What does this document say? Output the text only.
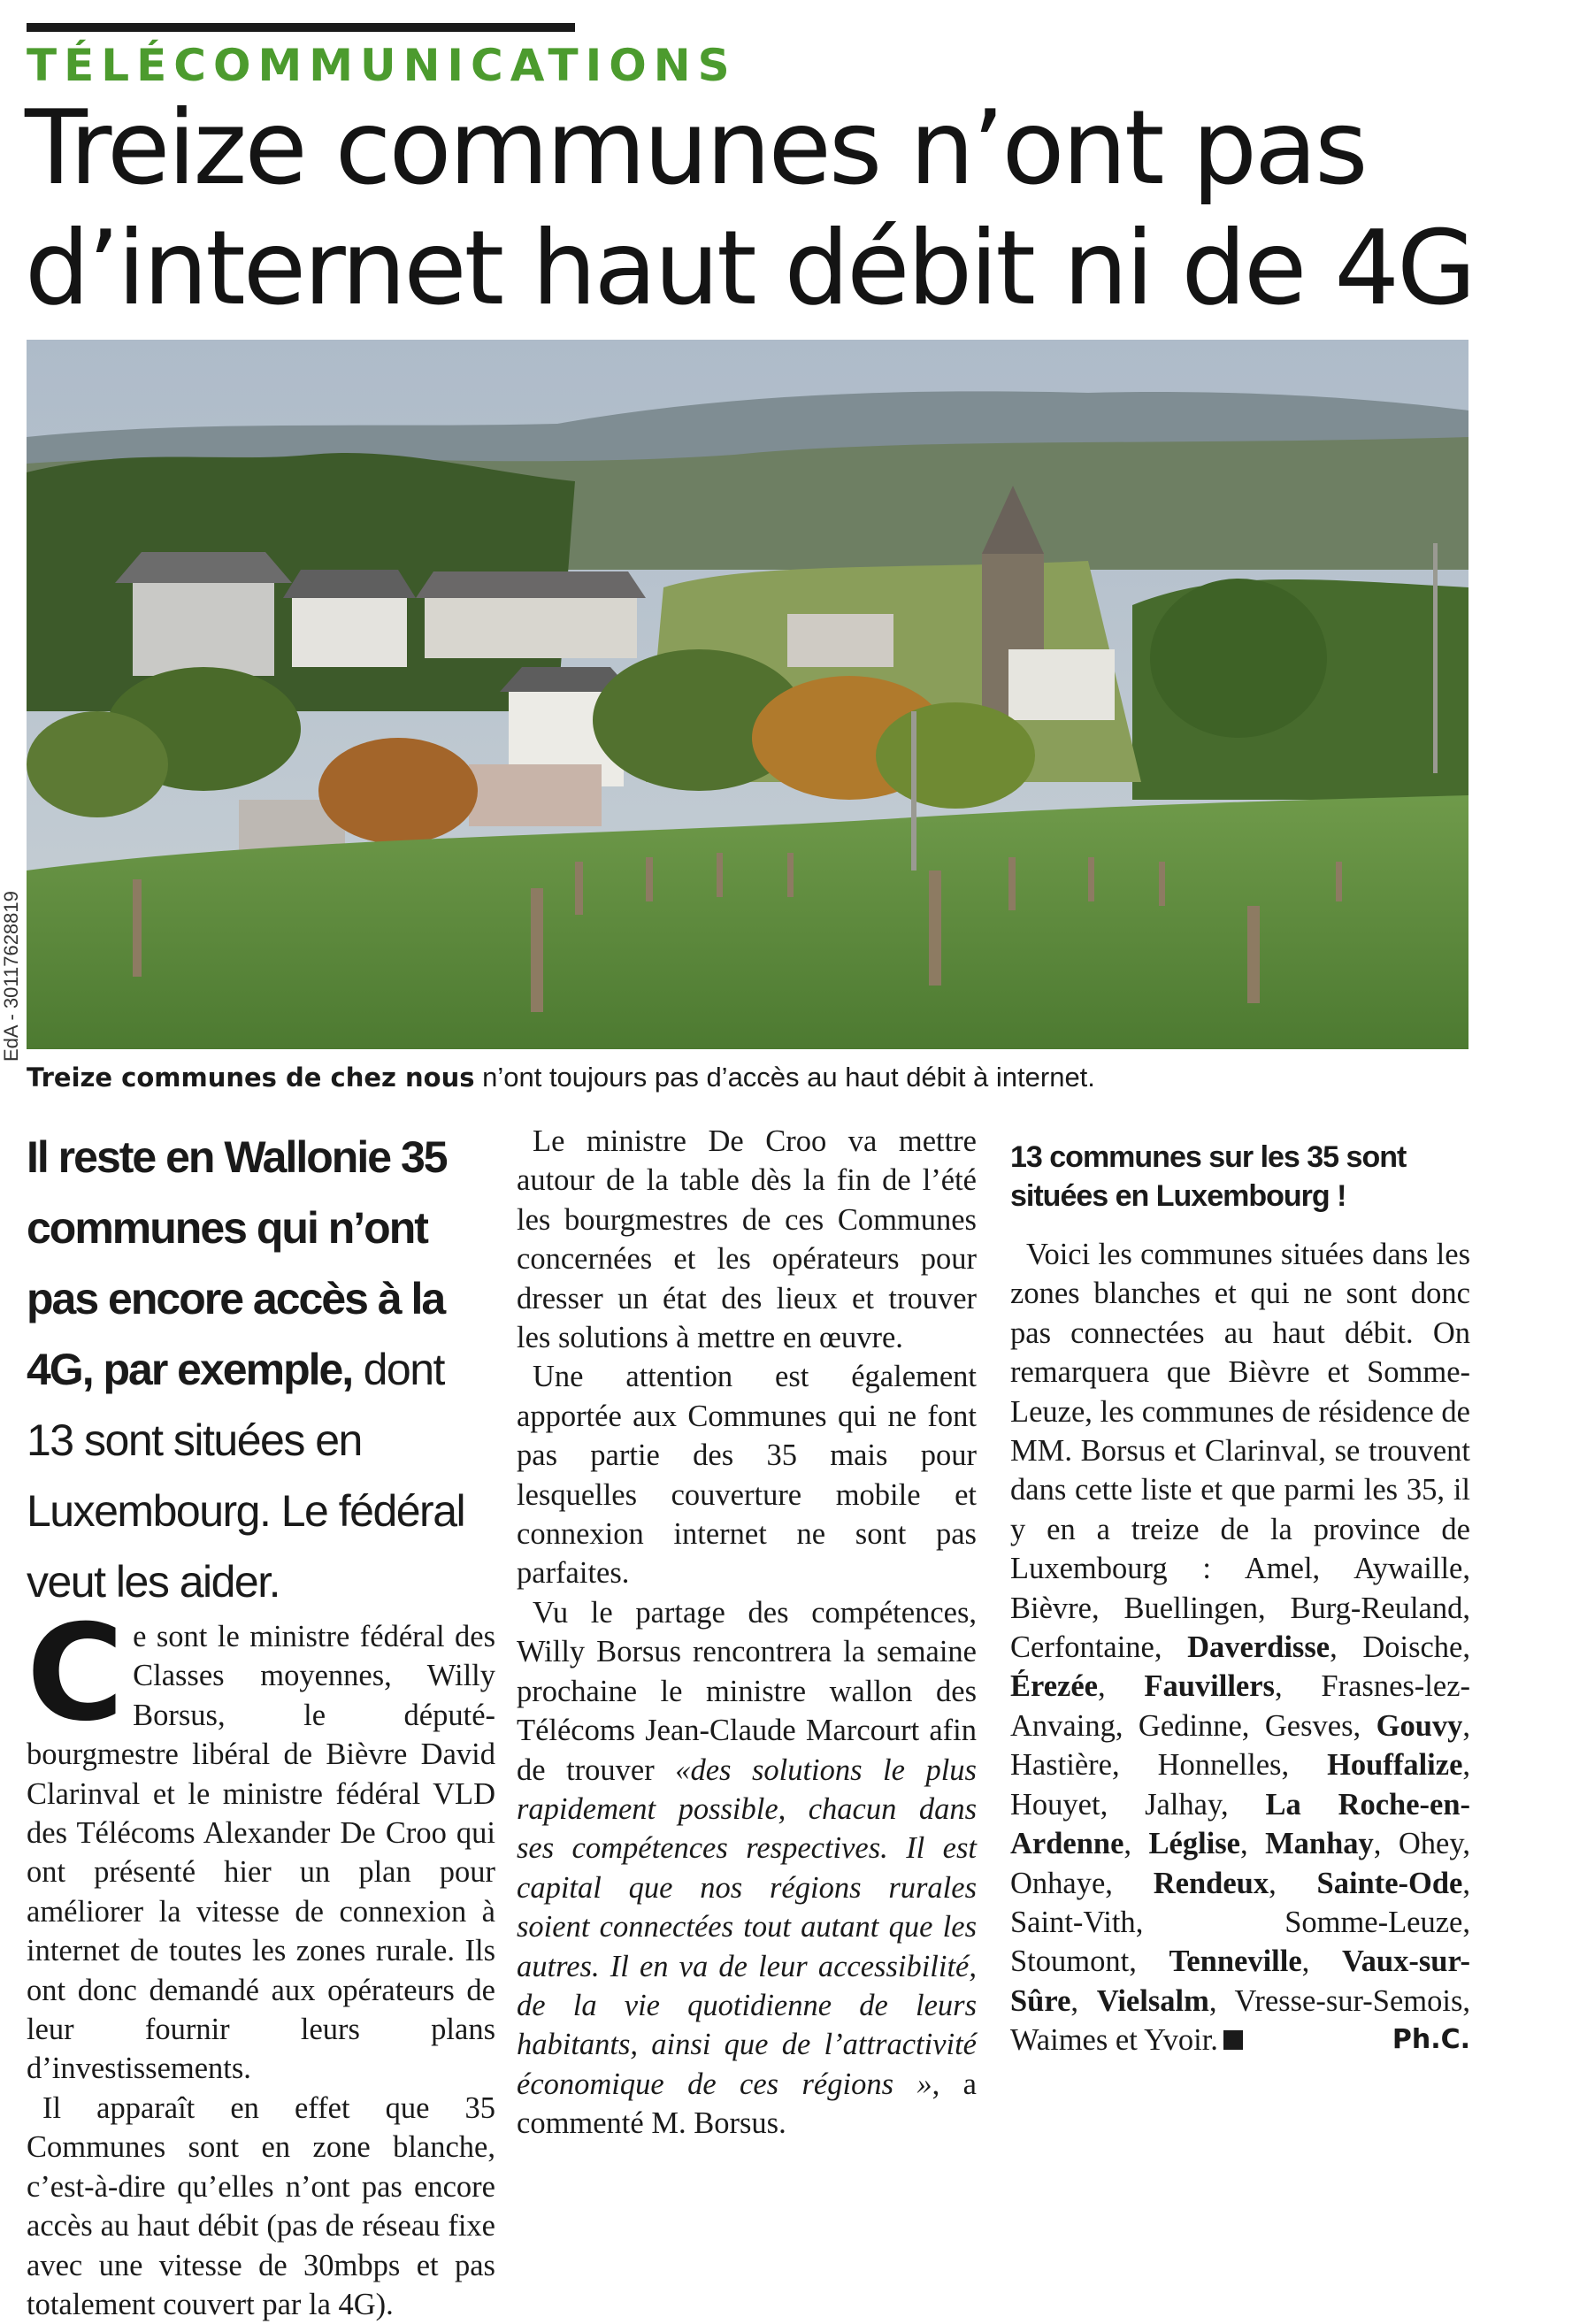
TÉLÉCOMMUNICATIONS
Treize communes n’ont pas d’internet haut débit ni de 4G
EdA - 30117628819
Treize communes de chez nous n’ont toujours pas d’accès au haut débit à internet.

Il reste en Wallonie 35 communes qui n’ont pas encore accès à la 4G, par exemple, dont 13 sont situées en Luxembourg. Le fédéral veut les aider.

Ce sont le ministre fédéral des Classes moyennes, Willy Borsus, le député-bourgmestre libéral de Bièvre David Clarinval et le ministre fédéral VLD des Télécoms Alexander De Croo qui ont présenté hier un plan pour améliorer la vitesse de connexion à internet de toutes les zones rurale. Ils ont donc demandé aux opérateurs de leur fournir leurs plans d’investissements.

Il apparaît en effet que 35 Communes sont en zone blanche, c’est-à-dire qu’elles n’ont pas encore accès au haut débit (pas de réseau fixe avec une vitesse de 30mbps et pas totalement couvert par la 4G).

Le ministre De Croo va mettre autour de la table dès la fin de l’été les bourgmestres de ces Communes concernées et les opérateurs pour dresser un état des lieux et trouver les solutions à mettre en œuvre.

Une attention est également apportée aux Communes qui ne font pas partie des 35 mais pour lesquelles couverture mobile et connexion internet ne sont pas parfaites.

Vu le partage des compétences, Willy Borsus rencontrera la semaine prochaine le ministre wallon des Télécoms Jean-Claude Marcourt afin de trouver «des solutions le plus rapidement possible, chacun dans ses compétences respectives. Il est capital que nos régions rurales soient connectées tout autant que les autres. Il en va de leur accessibilité, de la vie quotidienne de leurs habitants, ainsi que de l’attractivité économique de ces régions », a commenté M. Borsus.

13 communes sur les 35 sont situées en Luxembourg !

Voici les communes situées dans les zones blanches et qui ne sont donc pas connectées au haut débit. On remarquera que Bièvre et Somme-Leuze, les communes de résidence de MM. Borsus et Clarinval, se trouvent dans cette liste et que parmi les 35, il y en a treize de la province de Luxembourg : Amel, Aywaille, Bièvre, Buellingen, Burg-Reuland, Cerfontaine, Daverdisse, Doische, Érezée, Fauvillers, Frasnes-lez-Anvaing, Gedinne, Gesves, Gouvy, Hastière, Honnelles, Houffalize, Houyet, Jalhay, La Roche-en-Ardenne, Léglise, Manhay, Ohey, Onhaye, Rendeux, Sainte-Ode, Saint-Vith, Somme-Leuze, Stoumont, Tenneville, Vaux-sur-Sûre, Vielsalm, Vresse-sur-Semois, Waimes et Yvoir.	Ph.C.
